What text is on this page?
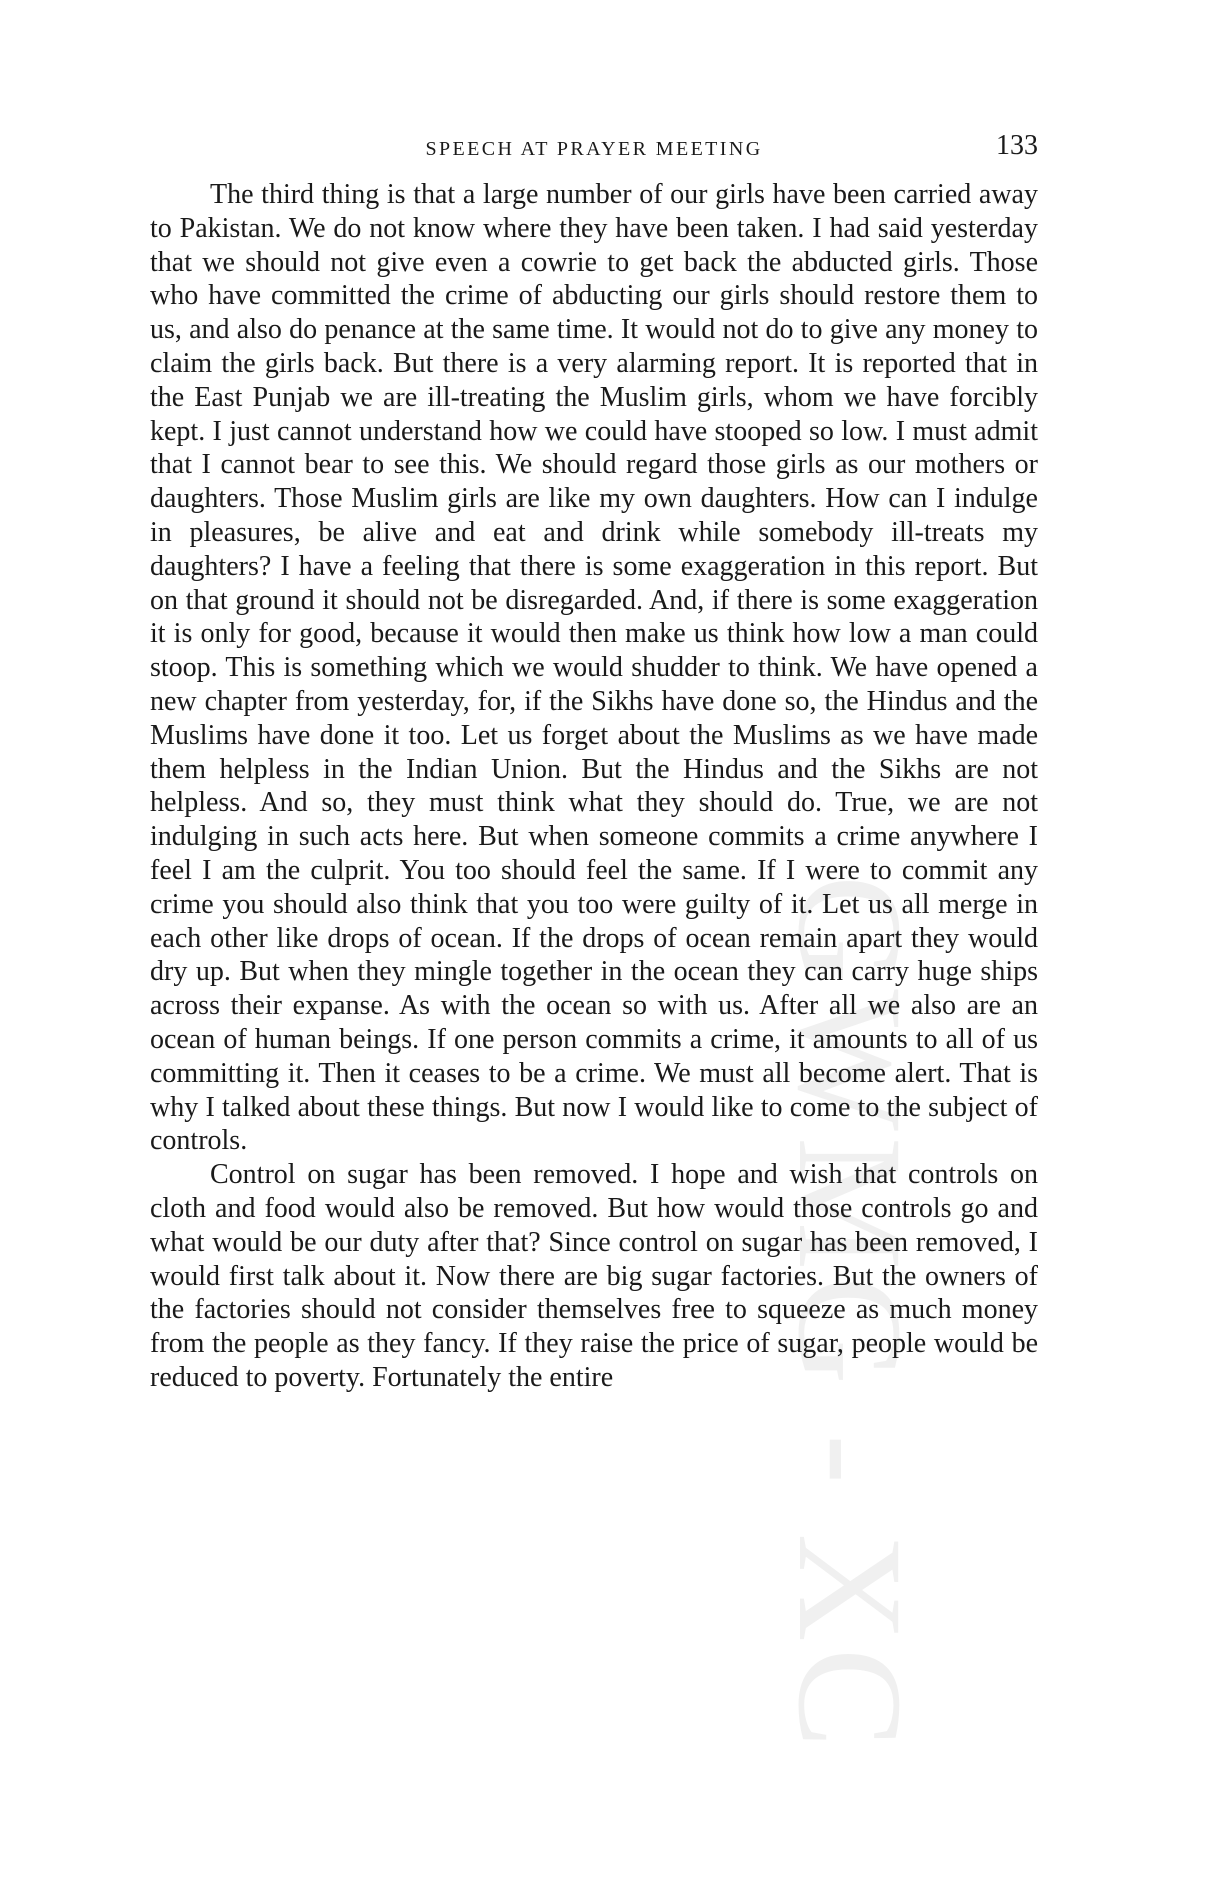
GWMG - XC
SPEECH AT PRAYER MEETING	133

The third thing is that a large number of our girls have been carried away to Pakistan. We do not know where they have been taken. I had said yesterday that we should not give even a cowrie to get back the abducted girls. Those who have committed the crime of abducting our girls should restore them to us, and also do penance at the same time. It would not do to give any money to claim the girls back. But there is a very alarming report. It is reported that in the East Punjab we are ill-treating the Muslim girls, whom we have forcibly kept. I just cannot understand how we could have stooped so low. I must admit that I cannot bear to see this. We should regard those girls as our mothers or daughters. Those Muslim girls are like my own daughters. How can I indulge in pleasures, be alive and eat and drink while somebody ill-treats my daughters? I have a feeling that there is some exaggeration in this report. But on that ground it should not be disregarded. And, if there is some exaggeration it is only for good, because it would then make us think how low a man could stoop. This is something which we would shudder to think. We have opened a new chapter from yesterday, for, if the Sikhs have done so, the Hindus and the Muslims have done it too. Let us forget about the Muslims as we have made them helpless in the Indian Union. But the Hindus and the Sikhs are not helpless. And so, they must think what they should do. True, we are not indulging in such acts here. But when someone commits a crime anywhere I feel I am the culprit. You too should feel the same. If I were to commit any crime you should also think that you too were guilty of it. Let us all merge in each other like drops of ocean. If the drops of ocean remain apart they would dry up. But when they mingle together in the ocean they can carry huge ships across their expanse. As with the ocean so with us. After all we also are an ocean of human beings. If one person commits a crime, it amounts to all of us committing it. Then it ceases to be a crime. We must all become alert. That is why I talked about these things. But now I would like to come to the subject of controls.

Control on sugar has been removed. I hope and wish that controls on cloth and food would also be removed. But how would those controls go and what would be our duty after that? Since control on sugar has been removed, I would first talk about it. Now there are big sugar factories. But the owners of the factories should not consider themselves free to squeeze as much money from the people as they fancy. If they raise the price of sugar, people would be reduced to poverty. Fortunately the entire
